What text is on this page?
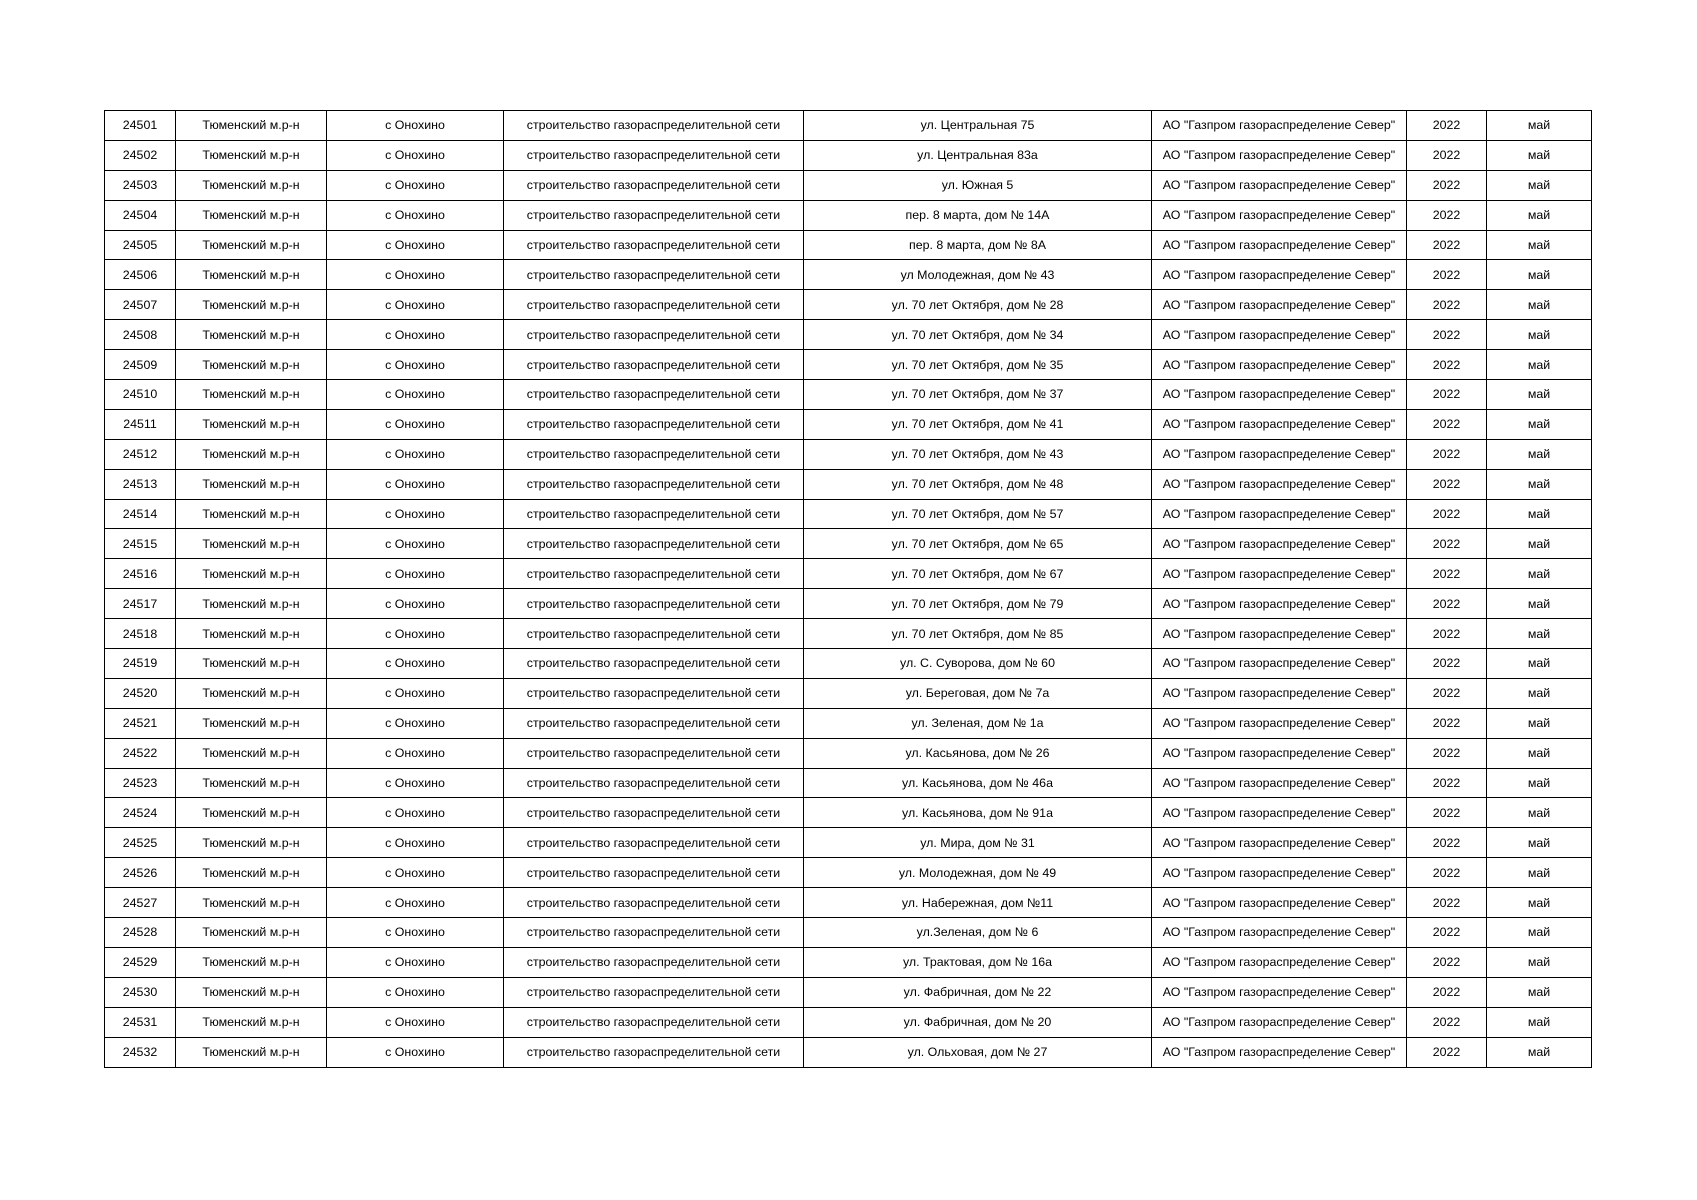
24501	Тюменский м.р-н	с Онохино	строительство газораспределительной сети	ул. Центральная 75	АО "Газпром газораспределение Север"	2022	май
24502	Тюменский м.р-н	с Онохино	строительство газораспределительной сети	ул. Центральная 83а	АО "Газпром газораспределение Север"	2022	май
24503	Тюменский м.р-н	с Онохино	строительство газораспределительной сети	ул. Южная 5	АО "Газпром газораспределение Север"	2022	май
24504	Тюменский м.р-н	с Онохино	строительство газораспределительной сети	пер. 8 марта, дом № 14А	АО "Газпром газораспределение Север"	2022	май
24505	Тюменский м.р-н	с Онохино	строительство газораспределительной сети	пер. 8 марта, дом № 8А	АО "Газпром газораспределение Север"	2022	май
24506	Тюменский м.р-н	с Онохино	строительство газораспределительной сети	ул Молодежная, дом № 43	АО "Газпром газораспределение Север"	2022	май
24507	Тюменский м.р-н	с Онохино	строительство газораспределительной сети	ул. 70 лет Октября, дом № 28	АО "Газпром газораспределение Север"	2022	май
24508	Тюменский м.р-н	с Онохино	строительство газораспределительной сети	ул. 70 лет Октября, дом № 34	АО "Газпром газораспределение Север"	2022	май
24509	Тюменский м.р-н	с Онохино	строительство газораспределительной сети	ул. 70 лет Октября, дом № 35	АО "Газпром газораспределение Север"	2022	май
24510	Тюменский м.р-н	с Онохино	строительство газораспределительной сети	ул. 70 лет Октября, дом № 37	АО "Газпром газораспределение Север"	2022	май
24511	Тюменский м.р-н	с Онохино	строительство газораспределительной сети	ул. 70 лет Октября, дом № 41	АО "Газпром газораспределение Север"	2022	май
24512	Тюменский м.р-н	с Онохино	строительство газораспределительной сети	ул. 70 лет Октября, дом № 43	АО "Газпром газораспределение Север"	2022	май
24513	Тюменский м.р-н	с Онохино	строительство газораспределительной сети	ул. 70 лет Октября, дом № 48	АО "Газпром газораспределение Север"	2022	май
24514	Тюменский м.р-н	с Онохино	строительство газораспределительной сети	ул. 70 лет Октября, дом № 57	АО "Газпром газораспределение Север"	2022	май
24515	Тюменский м.р-н	с Онохино	строительство газораспределительной сети	ул. 70 лет Октября, дом № 65	АО "Газпром газораспределение Север"	2022	май
24516	Тюменский м.р-н	с Онохино	строительство газораспределительной сети	ул. 70 лет Октября, дом № 67	АО "Газпром газораспределение Север"	2022	май
24517	Тюменский м.р-н	с Онохино	строительство газораспределительной сети	ул. 70 лет Октября, дом № 79	АО "Газпром газораспределение Север"	2022	май
24518	Тюменский м.р-н	с Онохино	строительство газораспределительной сети	ул. 70 лет Октября, дом № 85	АО "Газпром газораспределение Север"	2022	май
24519	Тюменский м.р-н	с Онохино	строительство газораспределительной сети	ул. С. Суворова, дом № 60	АО "Газпром газораспределение Север"	2022	май
24520	Тюменский м.р-н	с Онохино	строительство газораспределительной сети	ул. Береговая, дом № 7а	АО "Газпром газораспределение Север"	2022	май
24521	Тюменский м.р-н	с Онохино	строительство газораспределительной сети	ул. Зеленая, дом № 1а	АО "Газпром газораспределение Север"	2022	май
24522	Тюменский м.р-н	с Онохино	строительство газораспределительной сети	ул. Касьянова, дом № 26	АО "Газпром газораспределение Север"	2022	май
24523	Тюменский м.р-н	с Онохино	строительство газораспределительной сети	ул. Касьянова, дом № 46а	АО "Газпром газораспределение Север"	2022	май
24524	Тюменский м.р-н	с Онохино	строительство газораспределительной сети	ул. Касьянова, дом № 91а	АО "Газпром газораспределение Север"	2022	май
24525	Тюменский м.р-н	с Онохино	строительство газораспределительной сети	ул. Мира, дом № 31	АО "Газпром газораспределение Север"	2022	май
24526	Тюменский м.р-н	с Онохино	строительство газораспределительной сети	ул. Молодежная, дом № 49	АО "Газпром газораспределение Север"	2022	май
24527	Тюменский м.р-н	с Онохино	строительство газораспределительной сети	ул. Набережная, дом №11	АО "Газпром газораспределение Север"	2022	май
24528	Тюменский м.р-н	с Онохино	строительство газораспределительной сети	ул.Зеленая, дом № 6	АО "Газпром газораспределение Север"	2022	май
24529	Тюменский м.р-н	с Онохино	строительство газораспределительной сети	ул. Трактовая, дом № 16а	АО "Газпром газораспределение Север"	2022	май
24530	Тюменский м.р-н	с Онохино	строительство газораспределительной сети	ул. Фабричная, дом № 22	АО "Газпром газораспределение Север"	2022	май
24531	Тюменский м.р-н	с Онохино	строительство газораспределительной сети	ул. Фабричная, дом № 20	АО "Газпром газораспределение Север"	2022	май
24532	Тюменский м.р-н	с Онохино	строительство газораспределительной сети	ул. Ольховая, дом № 27	АО "Газпром газораспределение Север"	2022	май
